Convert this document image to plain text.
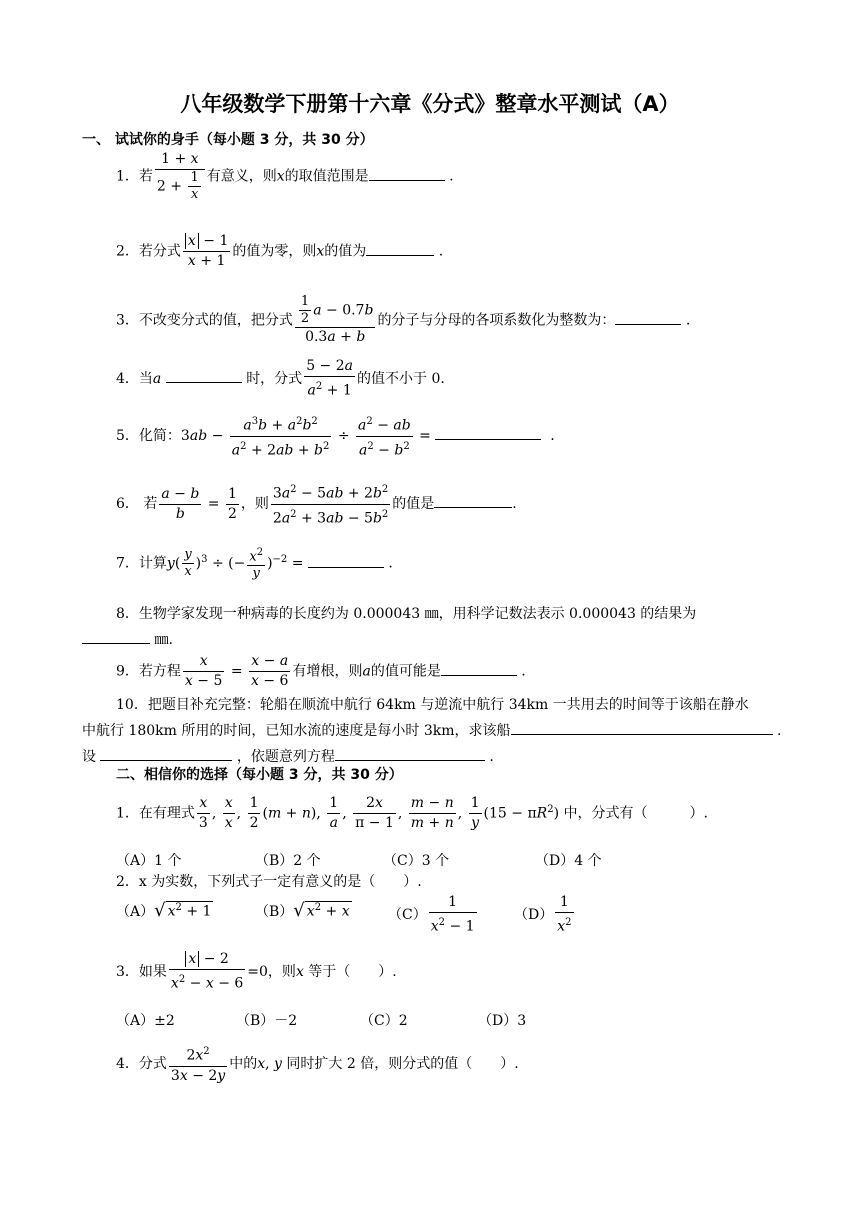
八年级数学下册第十六章《分式》整章水平测试（A）
一、 试试你的身手（每小题 3 分，共 30 分）
1．若 $\frac{1 + x}{2 + \frac{1}{x}}$ 有意义，则x的取值范围是	.
2．若分式 $\frac{x - 1}{x + 1}$ 的值为零，则x的值为	.
3．不改变分式的值，把分式 $\frac{\frac{1}{2} a - 0.7b}{0.3a + b}$ 的分子与分母的各项系数化为整数为：	.
4．当a	时，分式 $\frac{5 - 2a}{a^2 + 1}$ 的值不小于 0.
5．化简：$3ab - \frac{a^3b + a^2b^2}{a^2 + 2ab + b^2} \div \frac{a^2 - ab}{a^2 - b^2}$ =	.
6． 若 $\frac{a - b}{b} = \frac{1}{2}$ ，则 $\frac{3a^2 - 5ab + 2b^2}{2a^2 + 3ab - 5b^2}$ 的值是	.
7．计算$y( \frac{y}{x} )^3$ ÷ (− $\frac{x^2}{y} )^{-2}$ =	.
8．生物学家发现一种病毒的长度约为 0.000043 ㎜，用科学记数法表示 0.000043 的结果为
㎜.
9．若方程 $\frac{x}{x - 5} = \frac{x - a}{x - 6}$ 有增根，则a的值可能是	.
10．把题目补充完整：轮船在顺流中航行 64km 与逆流中航行 34km 一共用去的时间等于该船在静水
中航行 180km 所用的时间，已知水流的速度是每小时 3km，求该船	.
设	，依题意列方程	.
二、相信你的选择（每小题 3 分，共 30 分）
1．在有理式 $\frac{x}{3}$ , $\frac{x}{x}$ , $\frac{1}{2} (m + n)$, $\frac{1}{a}$ , $\frac{2x}{\pi - 1}$ , $\frac{m - n}{m + n}$ , $\frac{1}{y} (15 - \pi R^2)$ 中，分式有（　　　）.
（A）1 个	（B）2 个	（C）3 个	（D）4 个
2．x 为实数，下列式子一定有意义的是（　　）.
（A）√ $x^2 + 1$	（B）√ $x^2 + x$	$(C) \frac{1}{x^2 - 1}$	$(D) \frac{1}{x^2}$
3．如果 $\frac{x - 2}{x^2 - x - 6} =0$，则x 等于（　　）.
（A）±2	（B）－2	（C）2	（D）3
4．分式 $\frac{2x^2}{3x - 2y}$ 中的x, y 同时扩大 2 倍，则分式的值（　　）.
